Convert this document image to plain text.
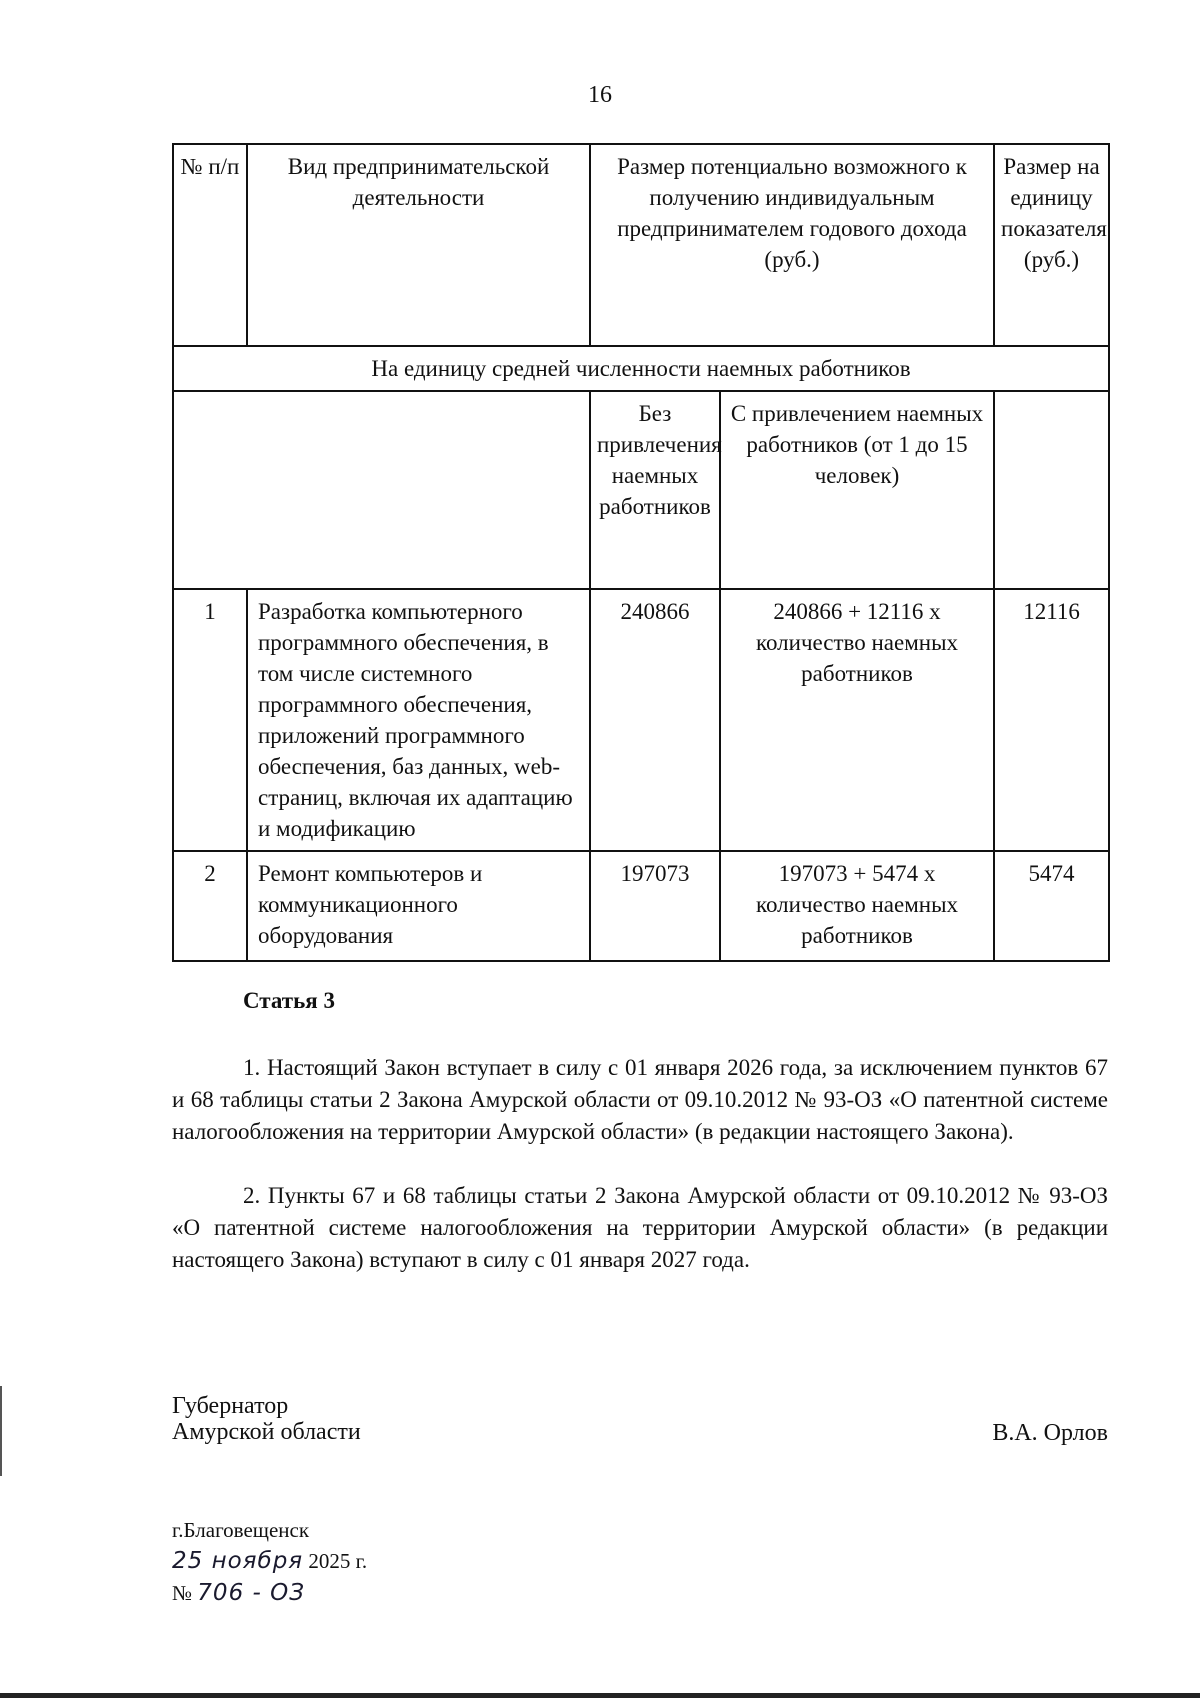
16
№ п/п	Вид предпринимательской деятельности	Размер потенциально возможного к получению индивидуальным предпринимателем годового дохода (руб.)		Размер на единицу показателя (руб.)
На единицу средней численности наемных работников				
		Без привлечения наемных работников	С привлечением наемных работников (от 1 до 15 человек)	
1	Разработка компьютерного программного обеспечения, в том числе системного программного обеспечения, приложений программного обеспечения, баз данных, web-страниц, включая их адаптацию и модификацию	240866	240866 + 12116 х количество наемных работников	12116
2	Ремонт компьютеров и коммуникационного оборудования	197073	197073 + 5474 х количество наемных работников	5474
Статья 3

1. Настоящий Закон вступает в силу с 01 января 2026 года, за исключением пунктов 67 и 68 таблицы статьи 2 Закона Амурской области от 09.10.2012 № 93-ОЗ «О патентной системе налогообложения на территории Амурской области» (в редакции настоящего Закона).

2. Пункты 67 и 68 таблицы статьи 2 Закона Амурской области от 09.10.2012 № 93-ОЗ «О патентной системе налогообложения на территории Амурской области» (в редакции настоящего Закона) вступают в силу с 01 января 2027 года.

Губернатор
Амурской области	В.А. Орлов
г.Благовещенск
25 ноября 2025 г.
№ 706 - ОЗ
